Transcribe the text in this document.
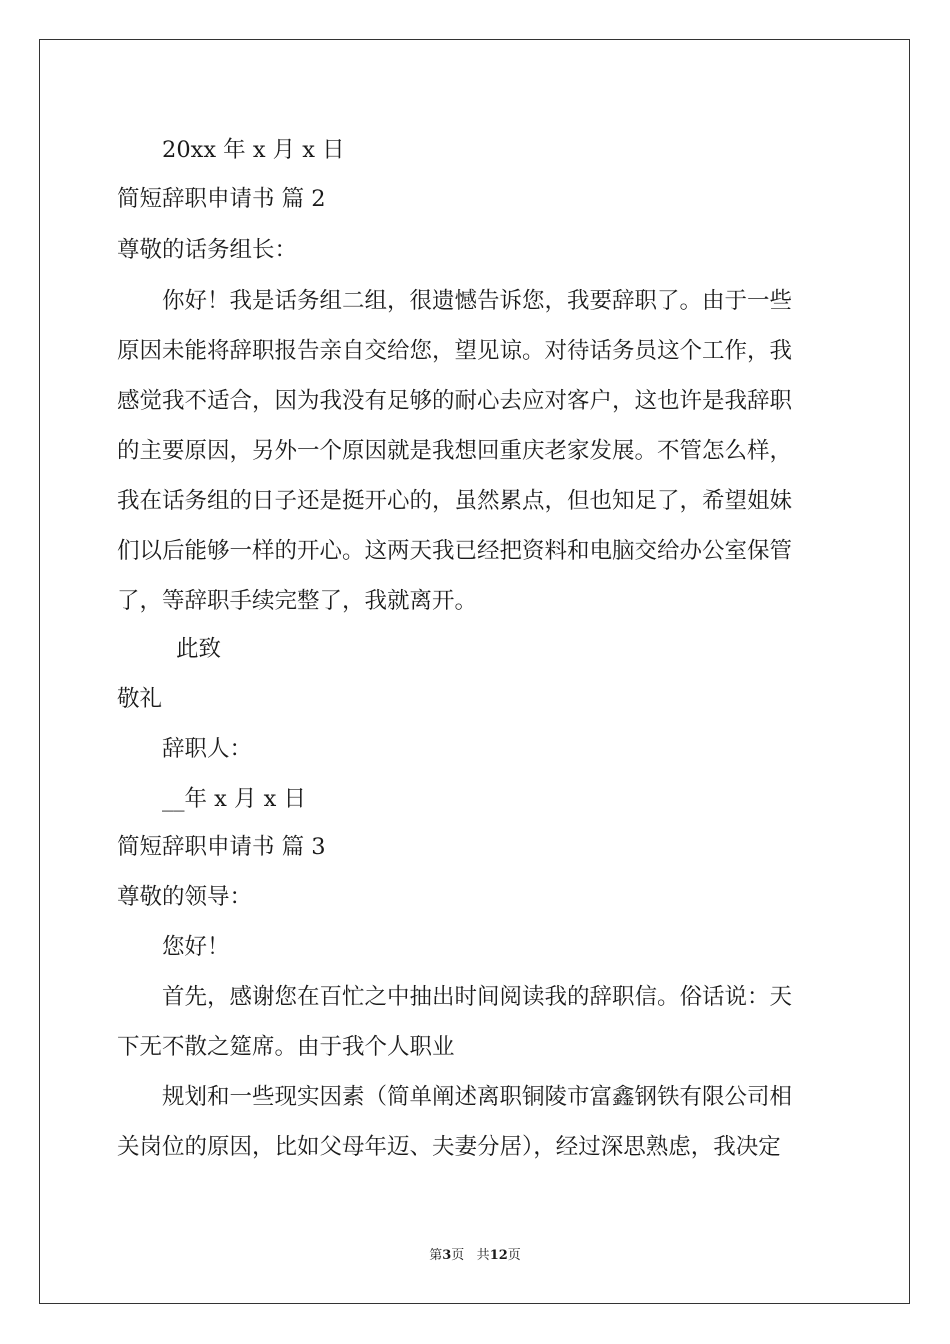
20xx 年 x 月 x 日
简短辞职申请书 篇 2
尊敬的话务组长：
你好！我是话务组二组，很遗憾告诉您，我要辞职了。由于一些
原因未能将辞职报告亲自交给您，望见谅。对待话务员这个工作，我
感觉我不适合，因为我没有足够的耐心去应对客户，这也许是我辞职
的主要原因，另外一个原因就是我想回重庆老家发展。不管怎么样，
我在话务组的日子还是挺开心的，虽然累点，但也知足了，希望姐妹
们以后能够一样的开心。这两天我已经把资料和电脑交给办公室保管
了，等辞职手续完整了，我就离开。
此致
敬礼
辞职人：
__年 x 月 x 日
简短辞职申请书 篇 3
尊敬的领导：
您好！
首先，感谢您在百忙之中抽出时间阅读我的辞职信。俗话说：天
下无不散之筵席。由于我个人职业
规划和一些现实因素（简单阐述离职铜陵市富鑫钢铁有限公司相
关岗位的原因，比如父母年迈、夫妻分居），经过深思熟虑，我决定
第3页 共12页
